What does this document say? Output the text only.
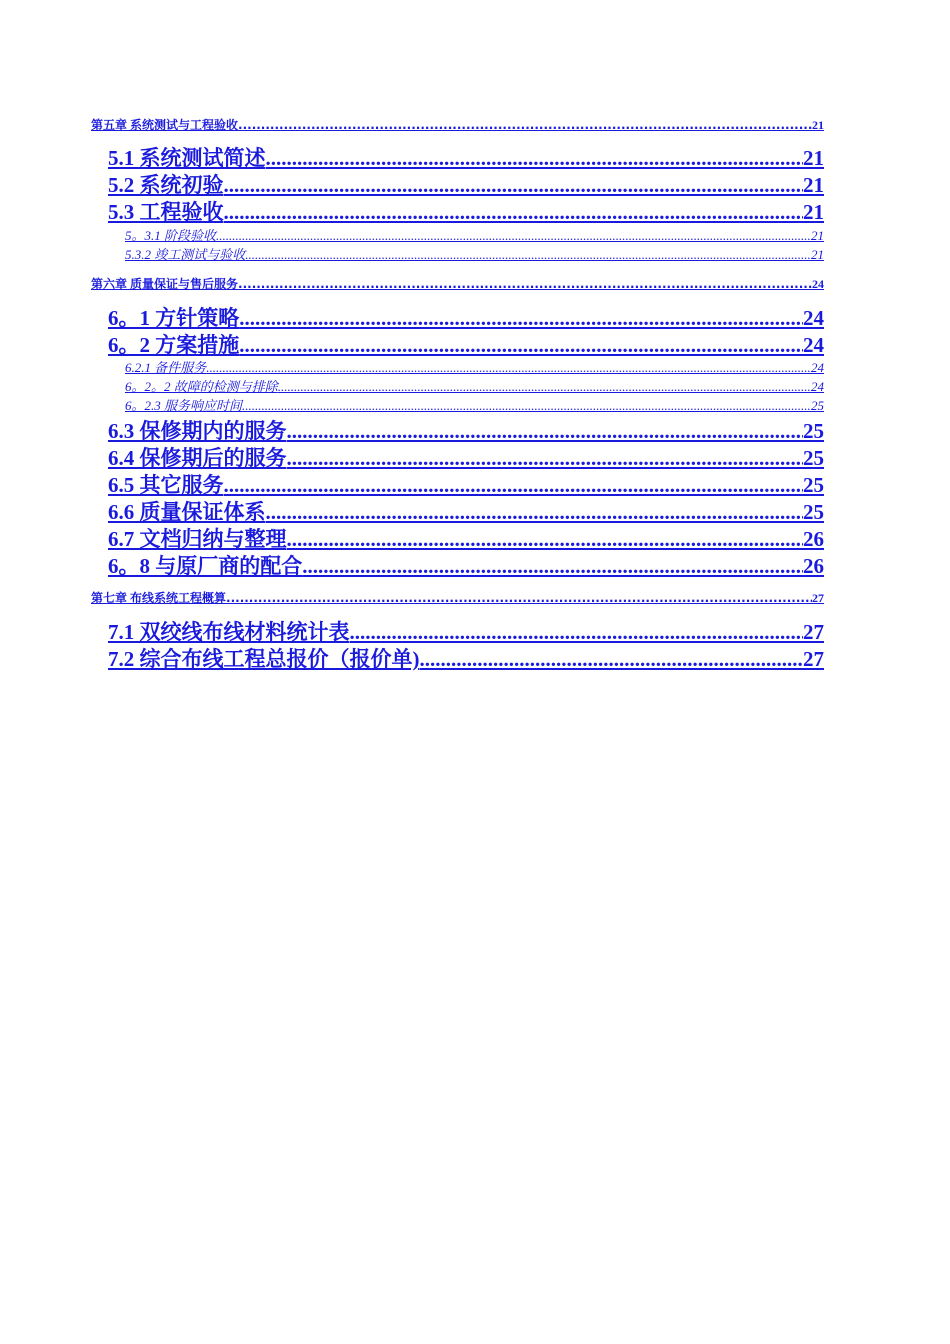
第五章 系统测试与工程验收 .....	21
5.1 系统测试简述 .....	21
5.2 系统初验 .....	21
5.3 工程验收 .....	21
5。3.1 阶段验收 .....	21
5.3.2 竣工测试与验收 .....	21
第六章 质量保证与售后服务 .....	24
6。1 方针策略 .....	24
6。2 方案措施 .....	24
6.2.1 备件服务 .....	24
6。2。2 故障的检测与排除 .....	24
6。2.3 服务响应时间 .....	25
6.3 保修期内的服务 .....	25
6.4 保修期后的服务 .....	25
6.5 其它服务 .....	25
6.6 质量保证体系 .....	25
6.7 文档归纳与整理 .....	26
6。8 与原厂商的配合 .....	26
第七章 布线系统工程概算 .....	27
7.1 双绞线布线材料统计表 .....	27
7.2 综合布线工程总报价（报价单) .....	27
